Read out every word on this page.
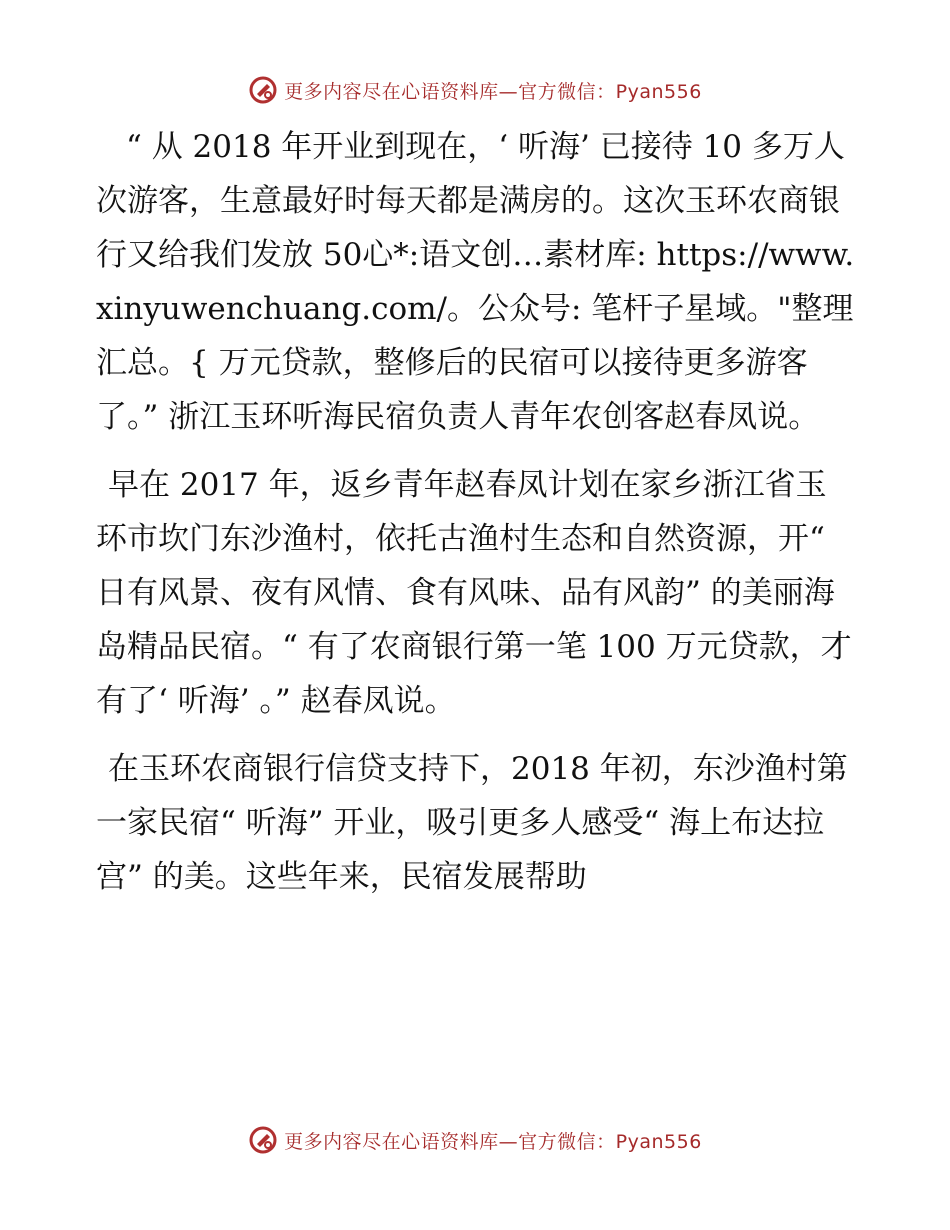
更多内容尽在心语资料库—官方微信：Pyan556

“ 从 2018 年开业到现在，‘ 听海’ 已接待 10 多万人次游客，生意最好时每天都是满房的。这次玉环农商银行又给我们发放 50心*:语文创…素材库: https://www.xinyuwenchuang.com/。公众号: 笔杆子星域。"整理汇总。{ 万元贷款，整修后的民宿可以接待更多游客了。” 浙江玉环听海民宿负责人青年农创客赵春凤说。

早在 2017 年，返乡青年赵春凤计划在家乡浙江省玉环市坎门东沙渔村，依托古渔村生态和自然资源，开“ 日有风景、夜有风情、食有风味、品有风韵” 的美丽海岛精品民宿。“ 有了农商银行第一笔 100 万元贷款，才有了‘ 听海’ 。” 赵春凤说。

在玉环农商银行信贷支持下，2018 年初，东沙渔村第一家民宿“ 听海” 开业，吸引更多人感受“ 海上布达拉宫” 的美。这些年来，民宿发展帮助

更多内容尽在心语资料库—官方微信：Pyan556
